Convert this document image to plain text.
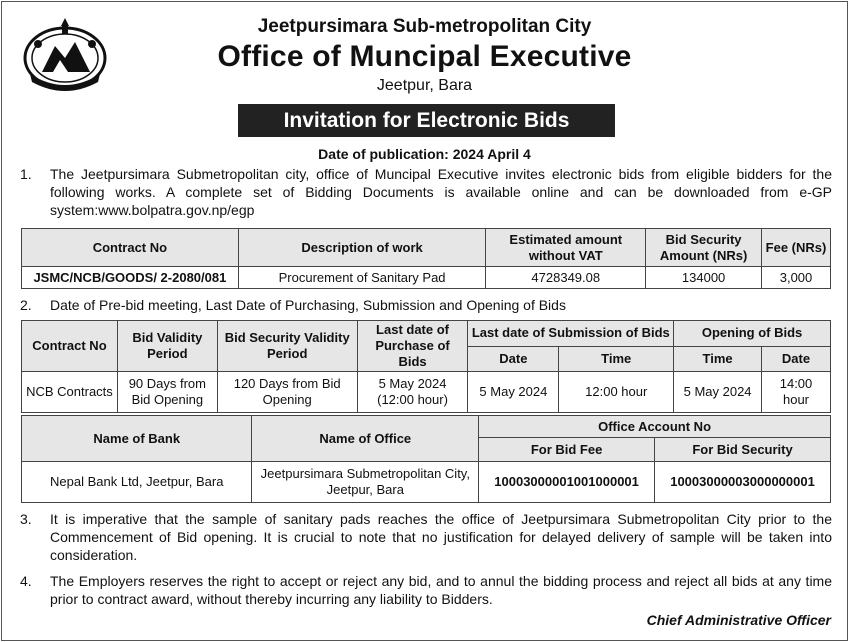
Jeetpursimara Sub-metropolitan City
Office of Muncipal Executive
Jeetpur, Bara
Invitation for Electronic Bids
Date of publication: 2024 April 4
1.	The Jeetpursimara Submetropolitan city, office of Muncipal Executive invites electronic bids from eligible bidders for the following works. A complete set of Bidding Documents is available online and can be downloaded from e-GP system:www.bolpatra.gov.np/egp
Contract No	Description of work	Estimated amount without VAT	Bid Security Amount (NRs)	Fee (NRs)
JSMC/NCB/GOODS/ 2-2080/081	Procurement of Sanitary Pad	4728349.08	134000	3,000
2.	Date of Pre-bid meeting, Last Date of Purchasing, Submission and Opening of Bids
Contract No	Bid Validity Period	Bid Security Validity Period	Last date of Purchase of Bids	Last date of Submission of Bids		Opening of Bids	
				Date	Time	Time	Date
NCB Contracts	90 Days from Bid Opening	120 Days from Bid Opening	5 May 2024 (12:00 hour)	5 May 2024	12:00 hour	5 May 2024	14:00 hour
Name of Bank	Name of Office	Office Account No	
		For Bid Fee	For Bid Security
Nepal Bank Ltd, Jeetpur, Bara	Jeetpursimara Submetropolitan City, Jeetpur, Bara	10003000001001000001	10003000003000000001
3.	It is imperative that the sample of sanitary pads reaches the office of Jeetpursimara Submetropolitan City prior to the Commencement of Bid opening. It is crucial to note that no justification for delayed delivery of sample will be taken into consideration.
4.	The Employers reserves the right to accept or reject any bid, and to annul the bidding process and reject all bids at any time prior to contract award, without thereby incurring any liability to Bidders.
Chief Administrative Officer
